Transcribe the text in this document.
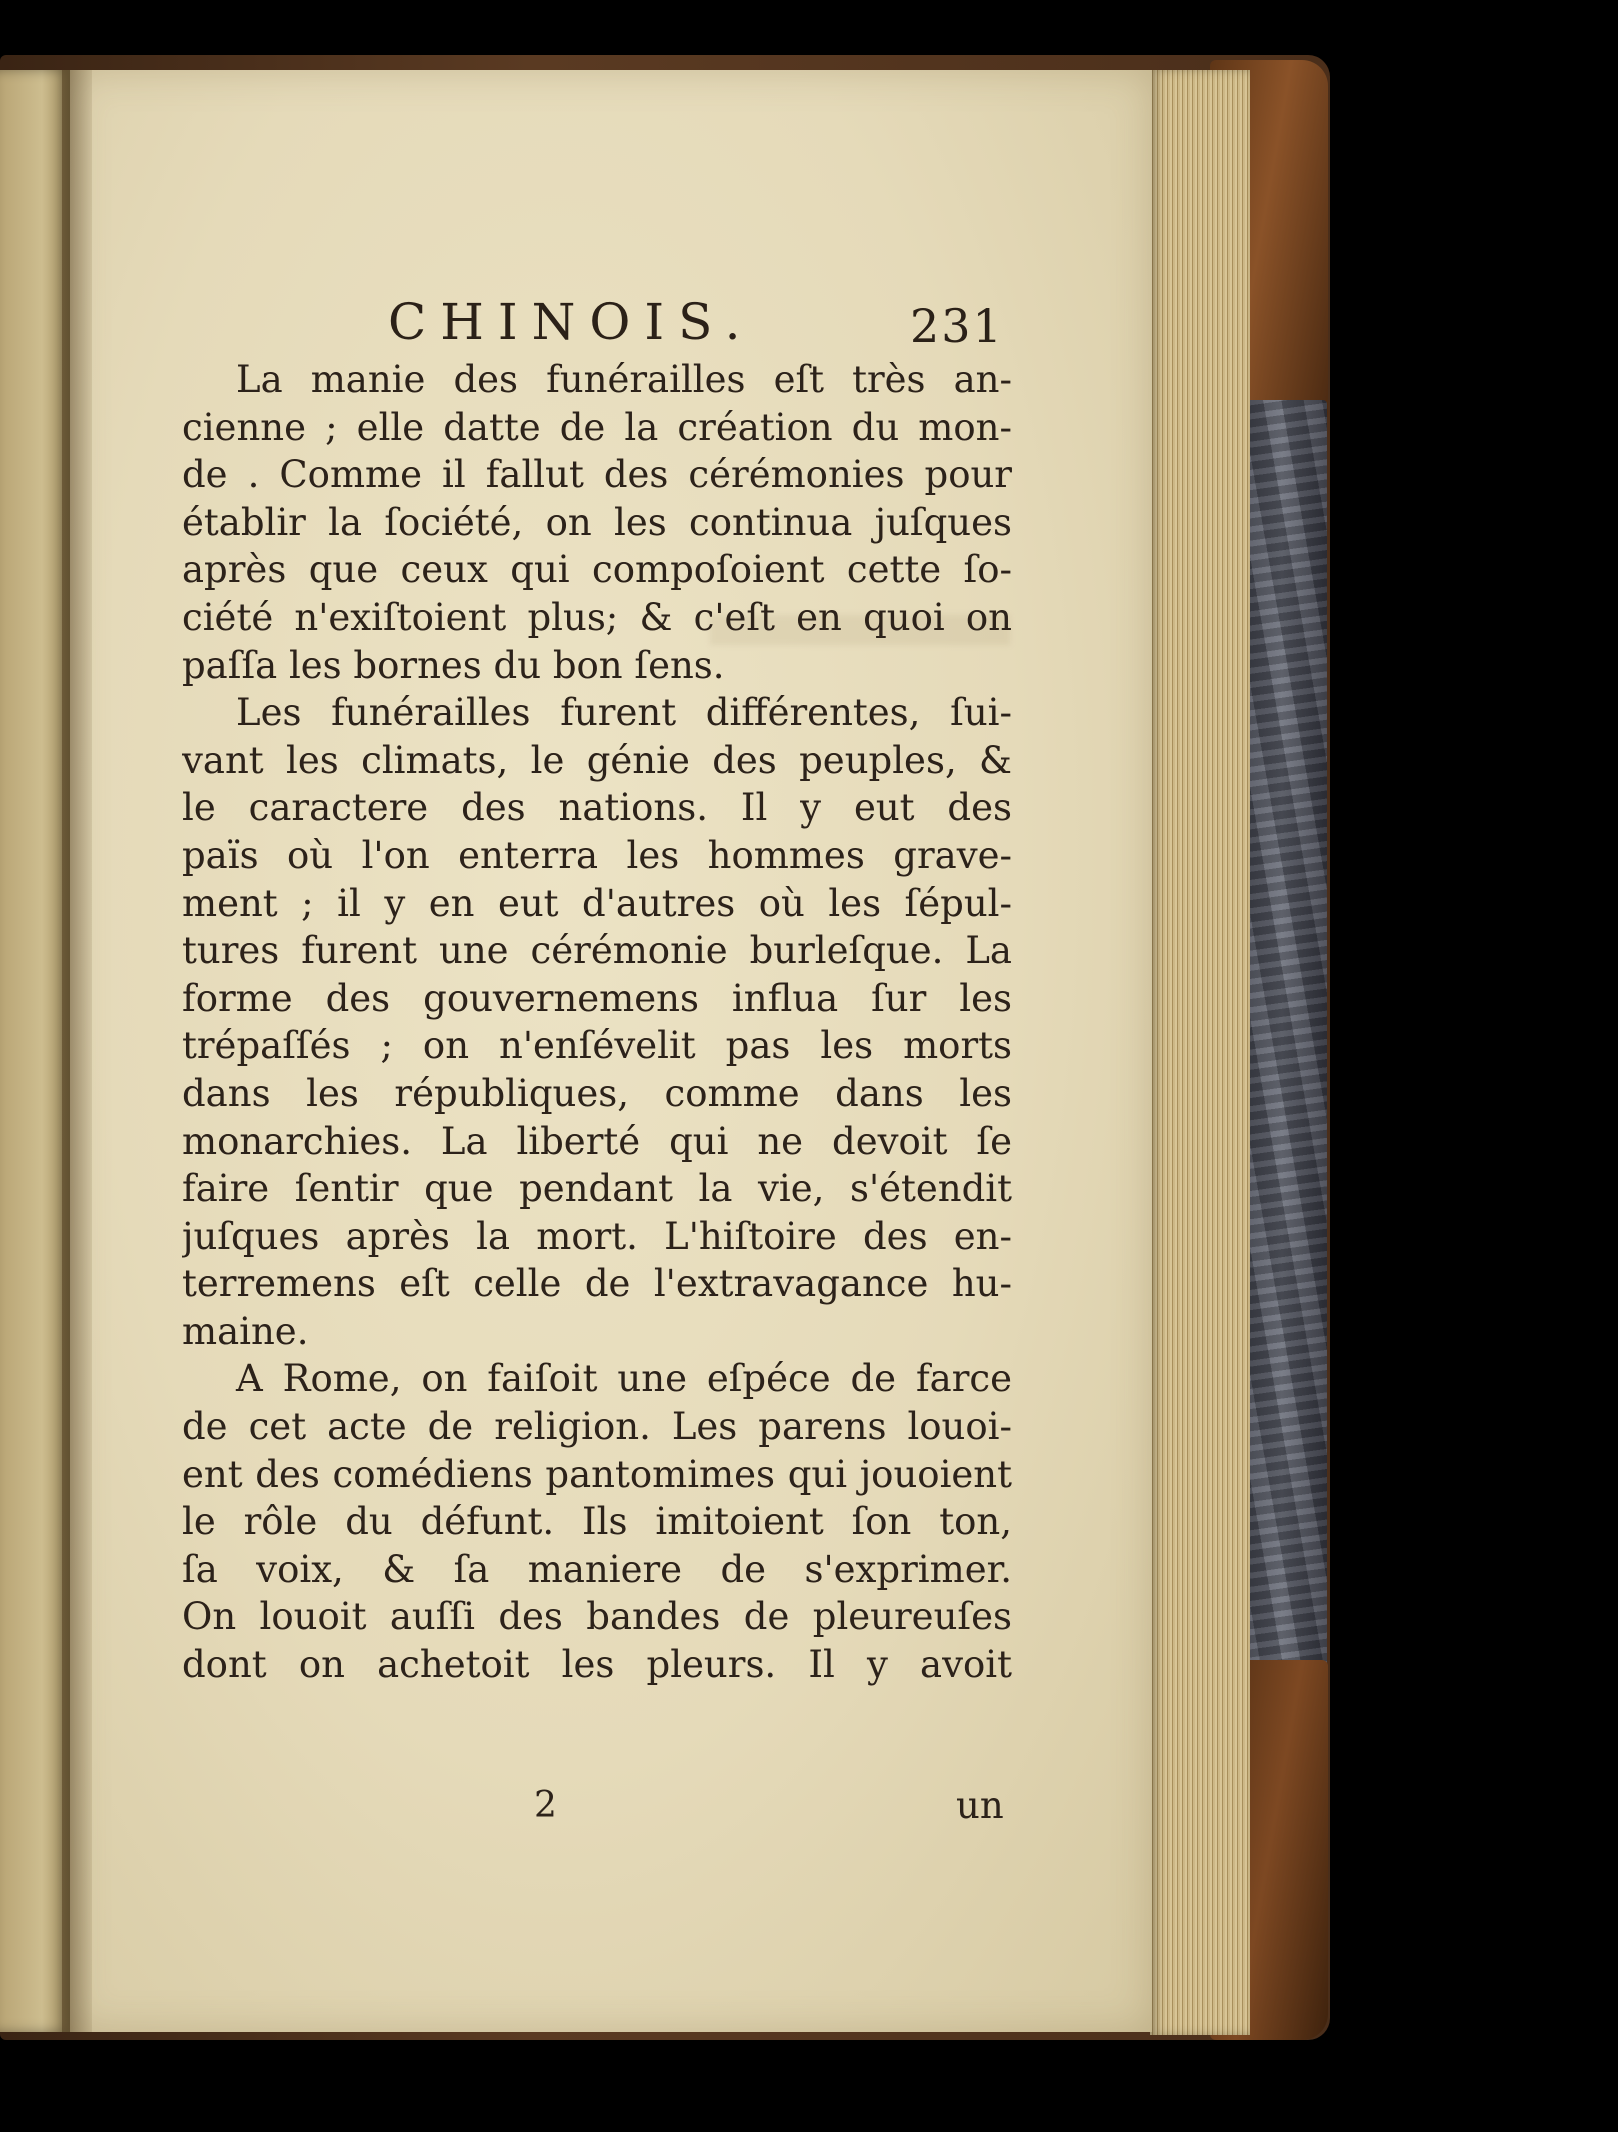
CHINOIS.	231
La manie des funérailles eſt très an-
cienne ; elle datte de la création du mon-
de . Comme il fallut des cérémonies pour
établir la ſociété, on les continua juſques
après que ceux qui compoſoient cette ſo-
ciété n'exiſtoient plus; & c'eſt en quoi on
paſſa les bornes du bon ſens.
Les funérailles furent différentes, ſui-
vant les climats, le génie des peuples, &
le caractere des nations. Il y eut des
païs où l'on enterra les hommes grave-
ment ; il y en eut d'autres où les ſépul-
tures furent une cérémonie burleſque. La
forme des gouvernemens influa ſur les
trépaſſés ; on n'enſévelit pas les morts
dans les républiques, comme dans les
monarchies. La liberté qui ne devoit ſe
faire ſentir que pendant la vie, s'étendit
juſques après la mort. L'hiſtoire des en-
terremens eſt celle de l'extravagance hu-
maine.
A Rome, on faiſoit une eſpéce de farce
de cet acte de religion. Les parens louoi-
ent des comédiens pantomimes qui jouoient
le rôle du défunt. Ils imitoient ſon ton,
ſa voix, & ſa maniere de s'exprimer.
On louoit auſſi des bandes de pleureuſes
dont on achetoit les pleurs. Il y avoit
2	un
